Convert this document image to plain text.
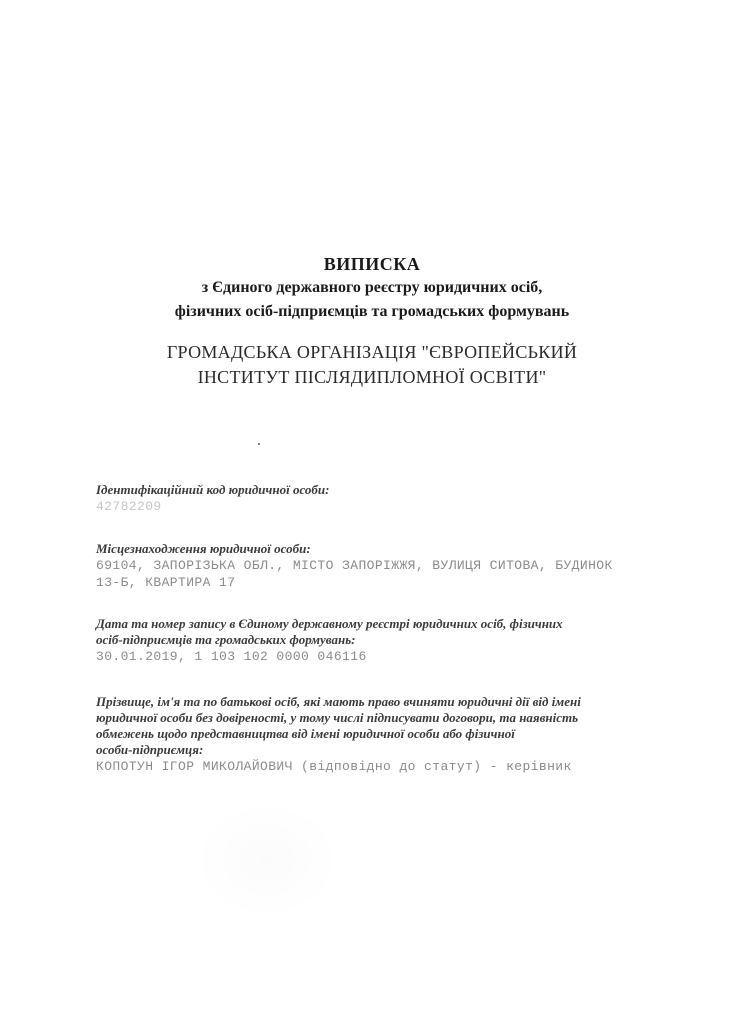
ВИПИСКА

з Єдиного державного реєстру юридичних осіб,

фізичних осіб-підприємців та громадських формувань

ГРОМАДСЬКА ОРГАНІЗАЦІЯ "ЄВРОПЕЙСЬКИЙ
ІНСТИТУТ ПІСЛЯДИПЛОМНОЇ ОСВІТИ"

Ідентифікаційний код юридичної особи:

42782209

Місцезнаходження юридичної особи:

69104, ЗАПОРІЗЬКА ОБЛ., МІСТО ЗАПОРІЖЖЯ, ВУЛИЦЯ СИТОВА, БУДИНОК

13-Б, КВАРТИРА 17

Дата та номер запису в Єдиному державному реєстрі юридичних осіб, фізичних

осіб-підприємців та громадських формувань:

30.01.2019, 1 103 102 0000 046116

Прізвище, ім'я та по батькові осіб, які мають право вчиняти юридичні дії від імені

юридичної особи без довіреності, у тому числі підписувати договори, та наявність

обмежень щодо представництва від імені юридичної особи або фізичної

особи-підприємця:

КОПОТУН ІГОР МИКОЛАЙОВИЧ (відповідно до статут) - керівник
